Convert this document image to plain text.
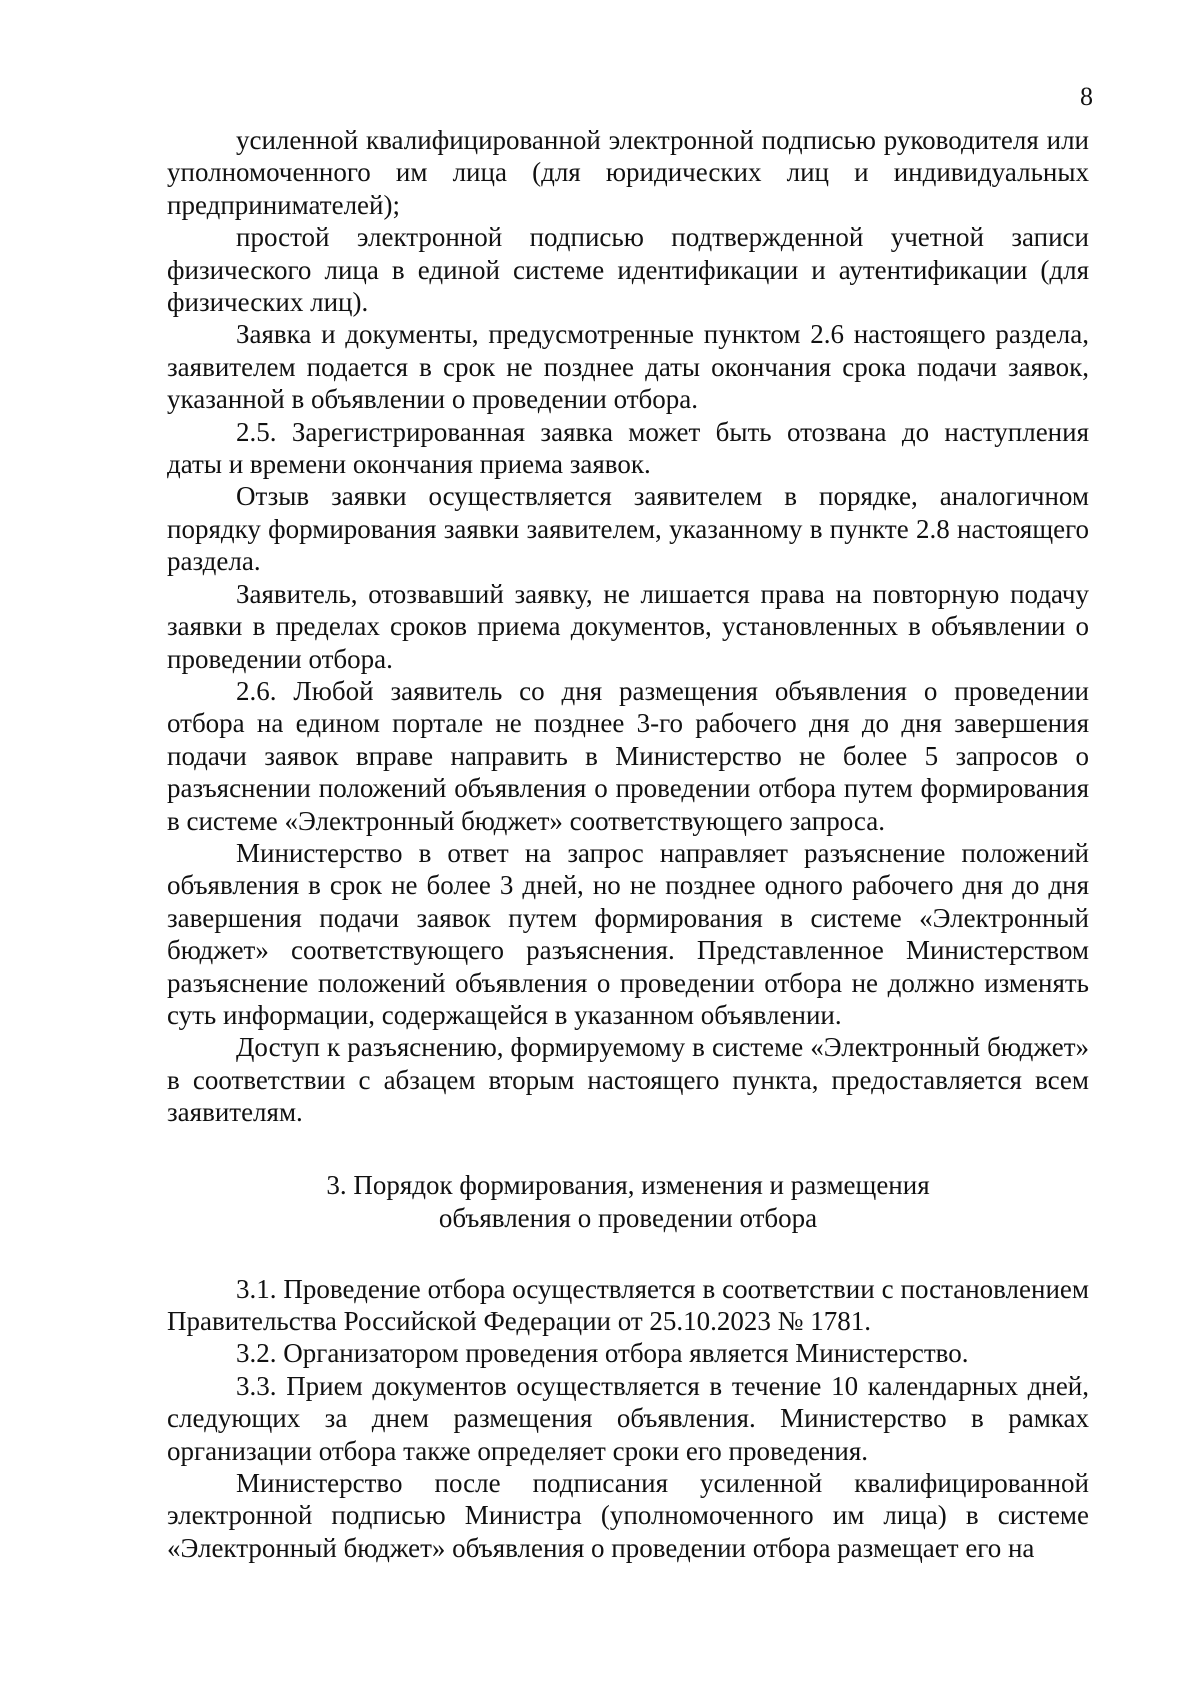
8

усиленной квалифицированной электронной подписью руководителя или уполномоченного им лица (для юридических лиц и индивидуальных предпринимателей);

простой электронной подписью подтвержденной учетной записи физического лица в единой системе идентификации и аутентификации (для физических лиц).

Заявка и документы, предусмотренные пунктом 2.6 настоящего раздела, заявителем подается в срок не позднее даты окончания срока подачи заявок, указанной в объявлении о проведении отбора.

2.5. Зарегистрированная заявка может быть отозвана до наступления даты и времени окончания приема заявок.

Отзыв заявки осуществляется заявителем в порядке, аналогичном порядку формирования заявки заявителем, указанному в пункте 2.8 настоящего раздела.

Заявитель, отозвавший заявку, не лишается права на повторную подачу заявки в пределах сроков приема документов, установленных в объявлении о проведении отбора.

2.6. Любой заявитель со дня размещения объявления о проведении отбора на едином портале не позднее 3-го рабочего дня до дня завершения подачи заявок вправе направить в Министерство не более 5 запросов о разъяснении положений объявления о проведении отбора путем формирования в системе «Электронный бюджет» соответствующего запроса.

Министерство в ответ на запрос направляет разъяснение положений объявления в срок не более 3 дней, но не позднее одного рабочего дня до дня завершения подачи заявок путем формирования в системе «Электронный бюджет» соответствующего разъяснения. Представленное Министерством разъяснение положений объявления о проведении отбора не должно изменять суть информации, содержащейся в указанном объявлении.

Доступ к разъяснению, формируемому в системе «Электронный бюджет» в соответствии с абзацем вторым настоящего пункта, предоставляется всем заявителям.

3. Порядок формирования, изменения и размещения
объявления о проведении отбора

3.1. Проведение отбора осуществляется в соответствии с постановлением Правительства Российской Федерации от 25.10.2023 № 1781.

3.2. Организатором проведения отбора является Министерство.

3.3. Прием документов осуществляется в течение 10 календарных дней, следующих за днем размещения объявления. Министерство в рамках организации отбора также определяет сроки его проведения.

Министерство после подписания усиленной квалифицированной электронной подписью Министра (уполномоченного им лица) в системе «Электронный бюджет» объявления о проведении отбора размещает его на
